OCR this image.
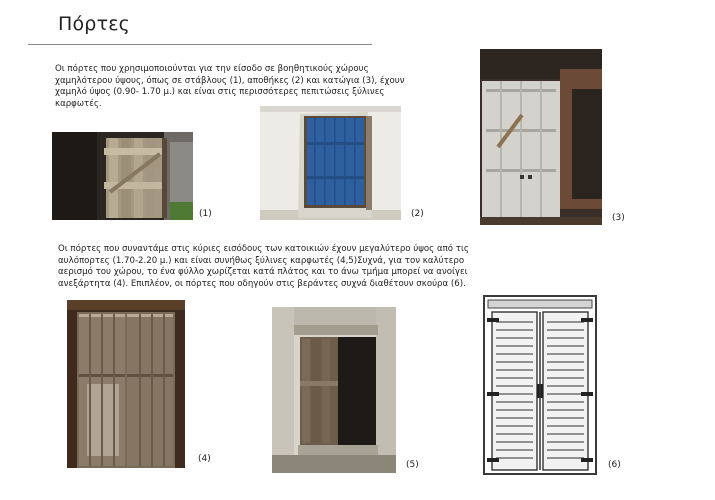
Πόρτες
Οι πόρτες που χρησιμοποιούνται για την είσοδο σε βοηθητικούς χώρους χαμηλότερου ύψους, όπως σε στάβλους (1), αποθήκες (2) και κατώγια (3), έχουν χαμηλό ύψος (0.90- 1.70 μ.) και είναι στις περισσότερες πεπιτώσεις ξύλινες καρφωτές.
(1)	(2)	(3)
Οι πόρτες που συναντάμε στις κύριες εισόδους των κατοικιών έχουν μεγαλύτερο ύψος από τις αυλόπορτες (1.70-2.20 μ.) και είναι συνήθως ξύλινες καρφωτές (4,5)Συχνά, για τον καλύτερο αερισμό του χώρου, το ένα φύλλο χωρίζεται κατά πλάτος και το άνω τμήμα μπορεί να ανοίγει ανεξάρτητα (4). Επιπλέον, οι πόρτες που οδηγούν στις βεράντες συχνά διαθέτουν σκούρα (6).
(4)
(5)	(6)
